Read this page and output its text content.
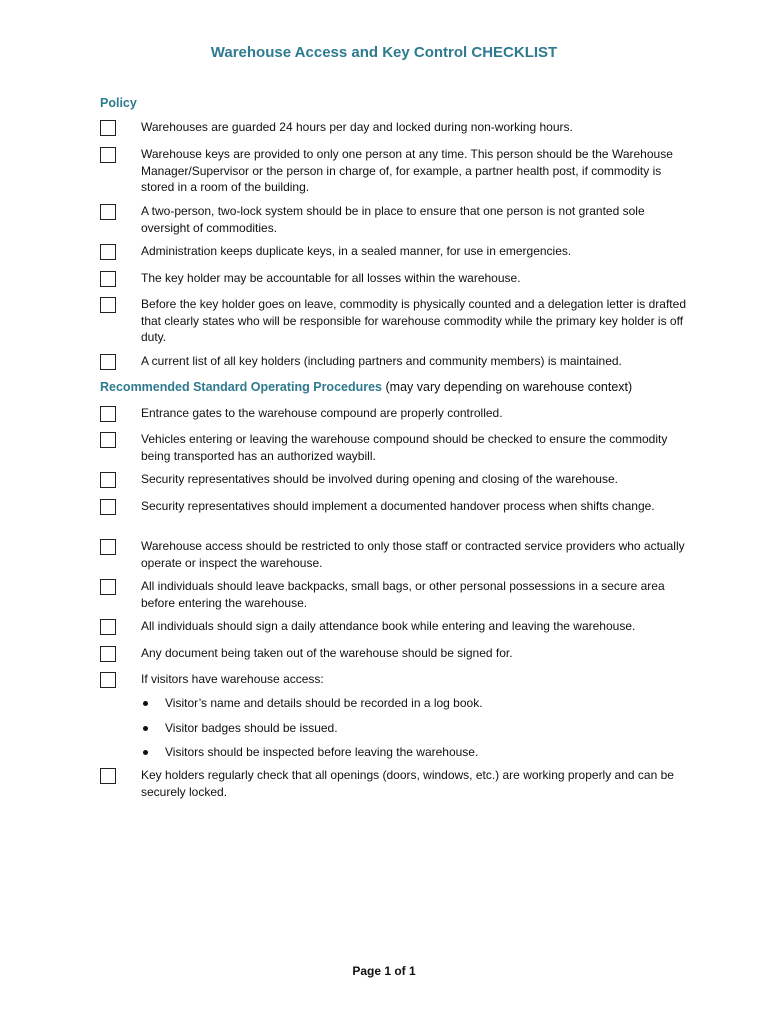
Warehouse Access and Key Control CHECKLIST
Policy
Warehouses are guarded 24 hours per day and locked during non-working hours.
Warehouse keys are provided to only one person at any time. This person should be the Warehouse Manager/Supervisor or the person in charge of, for example, a partner health post, if commodity is stored in a room of the building.
A two-person, two-lock system should be in place to ensure that one person is not granted sole oversight of commodities.
Administration keeps duplicate keys, in a sealed manner, for use in emergencies.
The key holder may be accountable for all losses within the warehouse.
Before the key holder goes on leave, commodity is physically counted and a delegation letter is drafted that clearly states who will be responsible for warehouse commodity while the primary key holder is off duty.
A current list of all key holders (including partners and community members) is maintained.
Recommended Standard Operating Procedures (may vary depending on warehouse context)
Entrance gates to the warehouse compound are properly controlled.
Vehicles entering or leaving the warehouse compound should be checked to ensure the commodity being transported has an authorized waybill.
Security representatives should be involved during opening and closing of the warehouse.
Security representatives should implement a documented handover process when shifts change.
Warehouse access should be restricted to only those staff or contracted service providers who actually operate or inspect the warehouse.
All individuals should leave backpacks, small bags, or other personal possessions in a secure area before entering the warehouse.
All individuals should sign a daily attendance book while entering and leaving the warehouse.
Any document being taken out of the warehouse should be signed for.
If visitors have warehouse access:
Visitor’s name and details should be recorded in a log book.
Visitor badges should be issued.
Visitors should be inspected before leaving the warehouse.
Key holders regularly check that all openings (doors, windows, etc.) are working properly and can be securely locked.
Page 1 of 1
